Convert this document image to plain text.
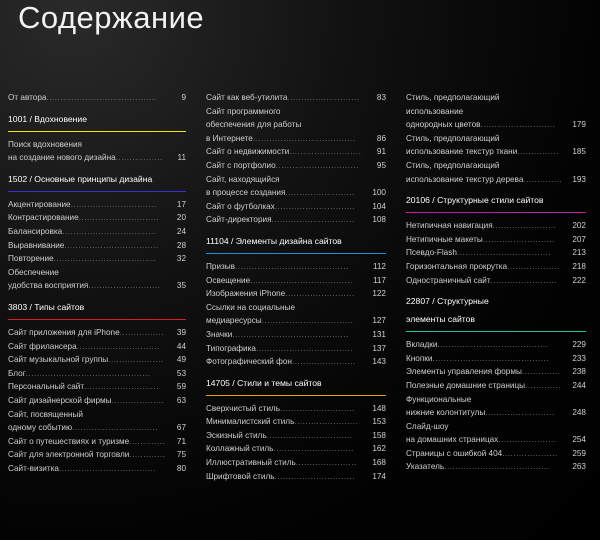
Содержание
9
От автора........................................
1001 / Вдохновение
Поиск вдохновения
11
на создание нового дизайна.................
1502 / Основные принципы дизайна
17
Акцентирование...............................
20
Контрастирование.............................
24
Балансировка..................................
28
Выравнивание..................................
32
Повторение.....................................
Обеспечение
35
удобства восприятия..........................
3803 / Типы сайтов
39
Сайт приложения для iPhone................
44
Сайт фрилансера..............................
49
Сайт музыкальной группы....................
53
Блог.............................................
59
Персональный сайт...........................
63
Сайт дизайнерской фирмы...................
Сайт, посвященный
67
одному событию...............................
71
Сайт о путешествиях и туризме.............
75
Сайт для электронной торговли.............
80
Сайт-визитка...................................
83
Сайт как веб-утилита..........................
Сайт программного
обеспечения для работы
86
в Интернете.....................................
91
Сайт о недвижимости..........................
95
Сайт с портфолио..............................
Сайт, находящийся
100
в процессе создания.........................
104
Сайт о футболках.............................
108
Сайт-директория..............................
11104 / Элементы дизайна сайтов
112
Призыв.........................................
117
Освещение.....................................
122
Изображения iPhone.........................
Ссылки на социальные
127
медиаресурсы.................................
131
Значки..........................................
137
Типографика...................................
143
Фотографический фон.......................
14705 / Стили и темы сайтов
148
Сверхчистый стиль...........................
153
Минималистский стиль.......................
158
Эскизный стиль...............................
162
Коллажный стиль.............................
168
Иллюстративный стиль......................
174
Шрифтовой стиль.............................
Стиль, предполагающий
использование
179
однородных цветов...........................
Стиль, предполагающий
185
использование текстур ткани...............
Стиль, предполагающий
193
использование текстур дерева..............
20106 / Структурные стили сайтов
202
Нетипичная навигация.......................
207
Нетипичные макеты..........................
213
Псевдо-Flash..................................
218
Горизонтальная прокрутка...................
222
Одностраничный сайт........................
22807 / Структурные
элементы сайтов
229
Вкладки........................................
233
Кнопки..........................................
238
Элементы управления формы..............
244
Полезные домашние страницы.............
Функциональные
248
нижние колонтитулы.........................
Слайд-шоу
254
на домашних страницах.....................
259
Страницы с ошибкой 404....................
263
Указатель......................................
